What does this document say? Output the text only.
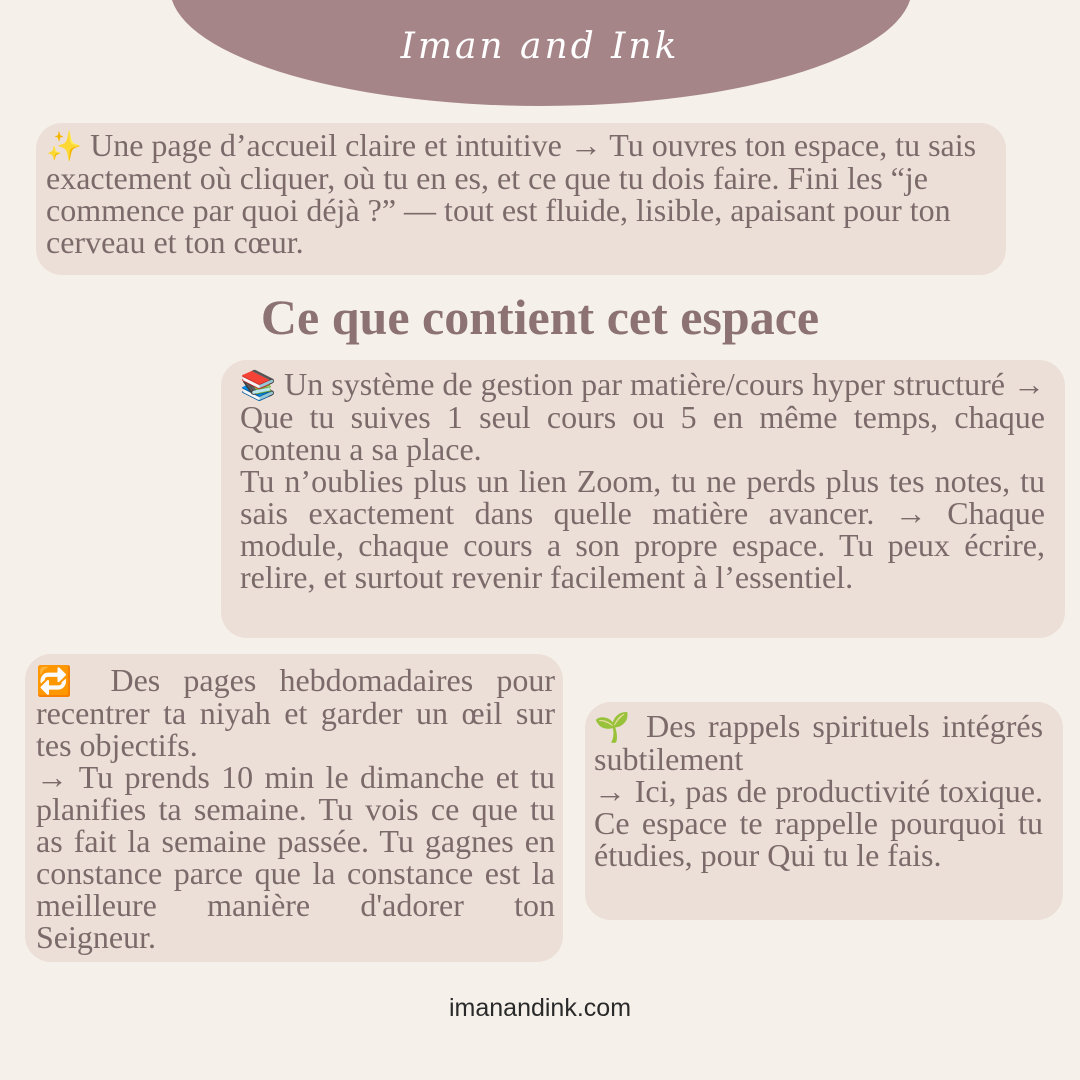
Iman and Ink

✨ Une page d’accueil claire et intuitive → Tu ouvres ton espace, tu sais exactement où cliquer, où tu en es, et ce que tu dois faire. Fini les “je commence par quoi déjà ?” — tout est fluide, lisible, apaisant pour ton cerveau et ton cœur.

Ce que contient cet espace

📚 Un système de gestion par matière/cours hyper structuré → Que tu suives 1 seul cours ou 5 en même temps, chaque contenu a sa place.

Tu n’oublies plus un lien Zoom, tu ne perds plus tes notes, tu sais exactement dans quelle matière avancer. → Chaque module, chaque cours a son propre espace. Tu peux écrire, relire, et surtout revenir facilement à l’essentiel.

🔁 Des pages hebdomadaires pour recentrer ta niyah et garder un œil sur tes objectifs.

→ Tu prends 10 min le dimanche et tu planifies ta semaine. Tu vois ce que tu as fait la semaine passée. Tu gagnes en constance parce que la constance est la meilleure manière d'adorer ton Seigneur.

🌱 Des rappels spirituels intégrés subtilement

→ Ici, pas de productivité toxique. Ce espace te rappelle pourquoi tu étudies, pour Qui tu le fais.

imanandink.com
